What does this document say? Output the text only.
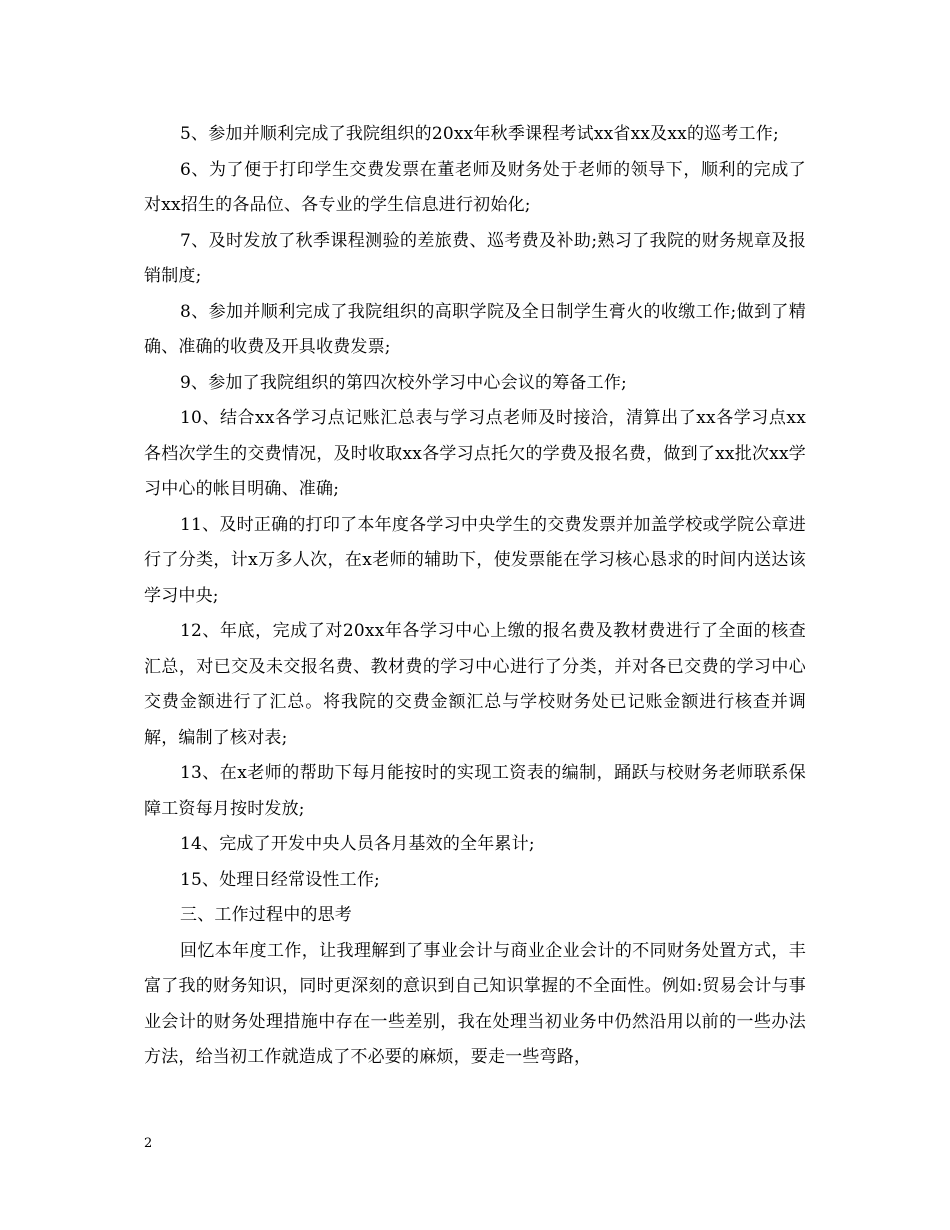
5、参加并顺利完成了我院组织的20xx年秋季课程考试xx省xx及xx的巡考工作;

6、为了便于打印学生交费发票在董老师及财务处于老师的领导下，顺利的完成了对xx招生的各品位、各专业的学生信息进行初始化;

7、及时发放了秋季课程测验的差旅费、巡考费及补助;熟习了我院的财务规章及报销制度;

8、参加并顺利完成了我院组织的高职学院及全日制学生膏火的收缴工作;做到了精确、准确的收费及开具收费发票;

9、参加了我院组织的第四次校外学习中心会议的筹备工作;

10、结合xx各学习点记账汇总表与学习点老师及时接洽，清算出了xx各学习点xx各档次学生的交费情况，及时收取xx各学习点托欠的学费及报名费，做到了xx批次xx学习中心的帐目明确、准确;

11、及时正确的打印了本年度各学习中央学生的交费发票并加盖学校或学院公章进行了分类，计x万多人次，在x老师的辅助下，使发票能在学习核心恳求的时间内送达该学习中央;

12、年底，完成了对20xx年各学习中心上缴的报名费及教材费进行了全面的核查汇总，对已交及未交报名费、教材费的学习中心进行了分类，并对各已交费的学习中心交费金额进行了汇总。将我院的交费金额汇总与学校财务处已记账金额进行核查并调解，编制了核对表;

13、在x老师的帮助下每月能按时的实现工资表的编制，踊跃与校财务老师联系保障工资每月按时发放;

14、完成了开发中央人员各月基效的全年累计;

15、处理日经常设性工作;

三、工作过程中的思考

回忆本年度工作，让我理解到了事业会计与商业企业会计的不同财务处置方式，丰富了我的财务知识，同时更深刻的意识到自己知识掌握的不全面性。例如:贸易会计与事业会计的财务处理措施中存在一些差别，我在处理当初业务中仍然沿用以前的一些办法方法，给当初工作就造成了不必要的麻烦，要走一些弯路，

2
